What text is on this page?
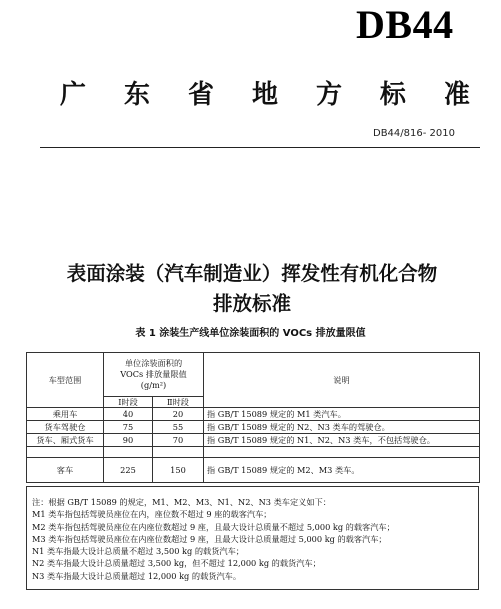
DB44
广 东 省 地 方 标 准
DB44/816- 2010
表面涂装（汽车制造业）挥发性有机化合物
排放标准
表 1 涂装生产线单位涂装面积的 VOCs 排放量限值
车型范围	单位涂装面积的
VOCs 排放量限值
(g/m²)		说明
	Ⅰ时段	Ⅱ时段	
乘用车	40	20	指 GB/T 15089 规定的 M1 类汽车。
货车驾驶仓	75	55	指 GB/T 15089 规定的 N2、N3 类车的驾驶仓。
货车、厢式货车	90	70	指 GB/T 15089 规定的 N1、N2、N3 类车，不包括驾驶仓。

客车	225	150	指 GB/T 15089 规定的 M2、M3 类车。
注：根据 GB/T 15089 的规定，M1、M2、M3、N1、N2、N3 类车定义如下：
M1 类车指包括驾驶员座位在内，座位数不超过 9 座的载客汽车；
M2 类车指包括驾驶员座位在内座位数超过 9 座，且最大设计总质量不超过 5,000 kg 的载客汽车；
M3 类车指包括驾驶员座位在内座位数超过 9 座，且最大设计总质量超过 5,000 kg 的载客汽车；
N1 类车指最大设计总质量不超过 3,500 kg 的载货汽车；
N2 类车指最大设计总质量超过 3,500 kg，但不超过 12,000 kg 的载货汽车；
N3 类车指最大设计总质量超过 12,000 kg 的载货汽车。
